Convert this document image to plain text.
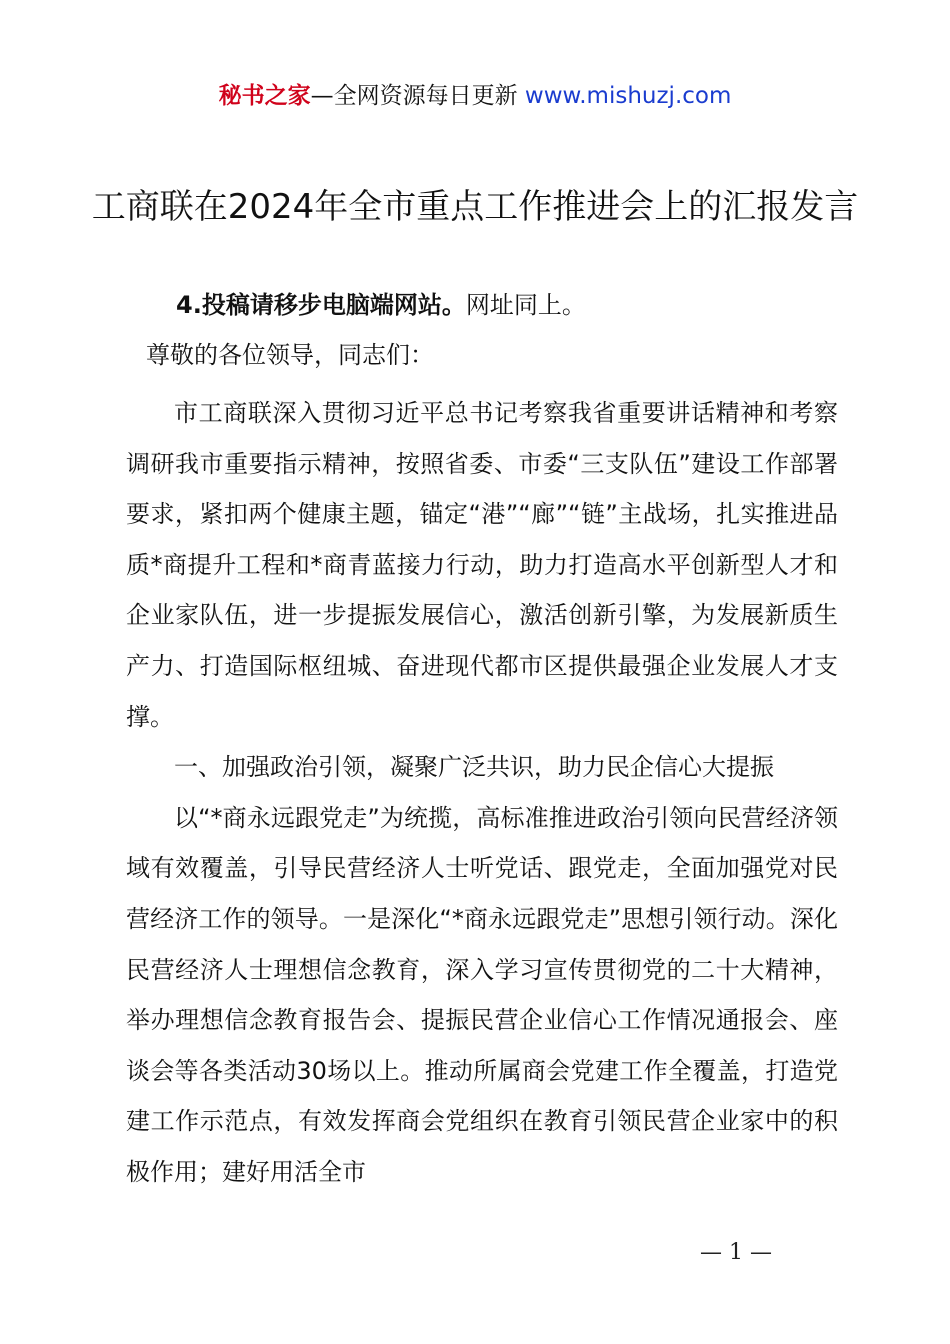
秘书之家—全网资源每日更新 www.mishuzj.com
工商联在2024年全市重点工作推进会上的汇报发言
4.投稿请移步电脑端网站。网址同上。
尊敬的各位领导，同志们：

市工商联深入贯彻习近平总书记考察我省重要讲话精神和考察调研我市重要指示精神，按照省委、市委“三支队伍”建设工作部署要求，紧扣两个健康主题，锚定“港”“廊”“链”主战场，扎实推进品质*商提升工程和*商青蓝接力行动，助力打造高水平创新型人才和企业家队伍，进一步提振发展信心，激活创新引擎，为发展新质生产力、打造国际枢纽城、奋进现代都市区提供最强企业发展人才支撑。

一、加强政治引领，凝聚广泛共识，助力民企信心大提振

以“*商永远跟党走”为统揽，高标准推进政治引领向民营经济领域有效覆盖，引导民营经济人士听党话、跟党走，全面加强党对民营经济工作的领导。一是深化“*商永远跟党走”思想引领行动。深化民营经济人士理想信念教育，深入学习宣传贯彻党的二十大精神，举办理想信念教育报告会、提振民营企业信心工作情况通报会、座谈会等各类活动30场以上。推动所属商会党建工作全覆盖，打造党建工作示范点，有效发挥商会党组织在教育引领民营企业家中的积极作用；建好用活全市

— 1 —
